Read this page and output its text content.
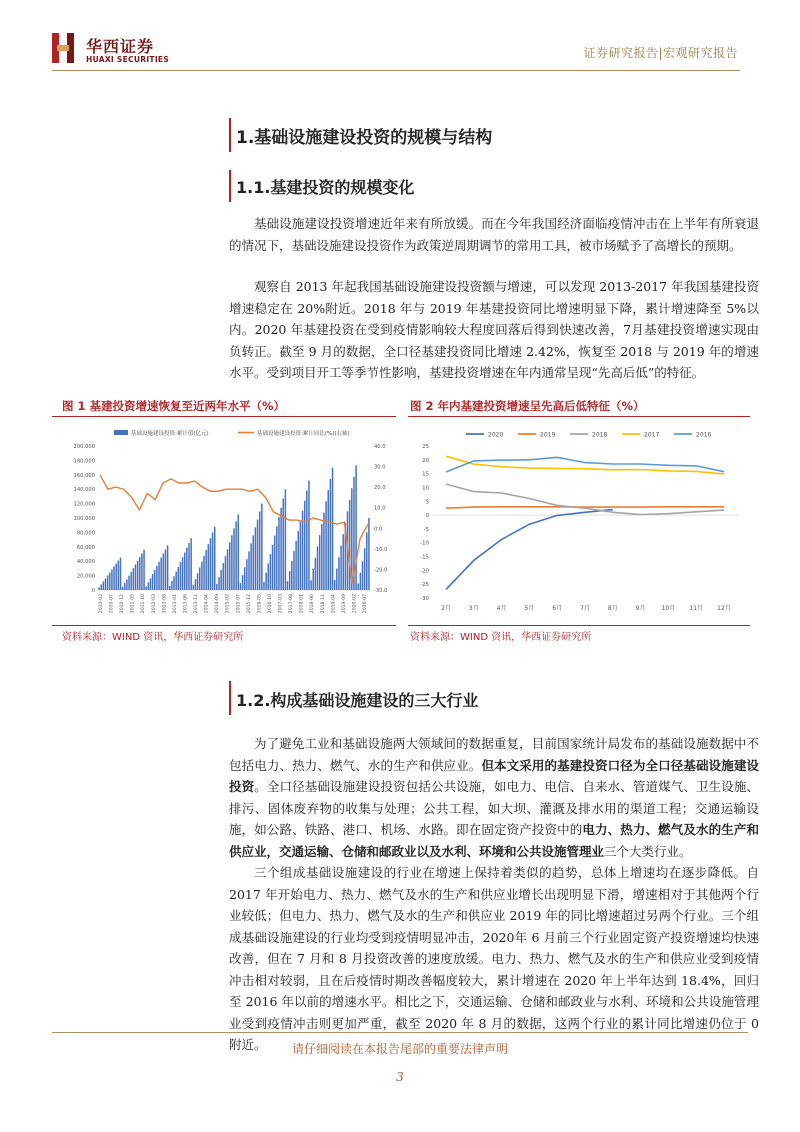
华西证券
HUAXI SECURITIES	证券研究报告|宏观研究报告
1.基础设施建设投资的规模与结构
1.1.基建投资的规模变化

基础设施建设投资增速近年来有所放缓。而在今年我国经济面临疫情冲击在上半年有所衰退的情况下，基础设施建设投资作为政策逆周期调节的常用工具，被市场赋予了高增长的预期。

观察自 2013 年起我国基础设施建设投资额与增速，可以发现 2013-2017 年我国基建投资增速稳定在 20%附近。2018 年与 2019 年基建投资同比增速明显下降，累计增速降至 5%以内。2020 年基建投资在受到疫情影响较大程度回落后得到快速改善，7月基建投资增速实现由负转正。截至 9 月的数据，全口径基建投资同比增速 2.42%，恢复至 2018 与 2019 年的增速水平。受到项目开工等季节性影响，基建投资增速在年内通常呈现“先高后低”的特征。

图 1 基建投资增速恢复至近两年水平（%）
基础设施建设投资:累计值(亿元)	基础设施建设投资:累计同比(%)(右轴)
0
20,000
40,000
60,000
80,000
100,000
120,000
140,000
160,000
180,000
200,000
-30.0
-20.0
-10.0
0.0
10.0
20.0
30.0
40.0
2010-02 2010-07 2010-12 2011-05 2011-10 2012-03 2012-08 2013-01 2013-06 2013-11 2014-04 2014-09 2015-02 2015-07 2015-12 2016-05 2016-10 2017-03 2017-08 2018-01 2018-06 2018-11 2019-04 2019-09 2020-02 2020-07
资料来源：WIND 资讯，华西证券研究所
图 2 年内基建投资增速呈先高后低特征（%）
2020	2019	2018	2017	2016
-30
-25
-20
-15
-10
-5
0
5
10
15
20
25
2月	3月	4月	5月	6月	7月	8月	9月	10月 11月 12月
资料来源：WIND 资讯，华西证券研究所
1.2.构成基础设施建设的三大行业

为了避免工业和基础设施两大领域间的数据重复，目前国家统计局发布的基础设施数据中不包括电力、热力、燃气、水的生产和供应业。但本文采用的基建投资口径为全口径基础设施建设投资。全口径基础设施建设投资包括公共设施，如电力、电信、自来水、管道煤气、卫生设施、排污、固体废弃物的收集与处理；公共工程，如大坝、灌溉及排水用的渠道工程；交通运输设施，如公路、铁路、港口、机场、水路。即在固定资产投资中的电力、热力、燃气及水的生产和供应业，交通运输、仓储和邮政业以及水利、环境和公共设施管理业三个大类行业。

三个组成基础设施建设的行业在增速上保持着类似的趋势，总体上增速均在逐步降低。自 2017 年开始电力、热力、燃气及水的生产和供应业增长出现明显下滑，增速相对于其他两个行业较低；但电力、热力、燃气及水的生产和供应业 2019 年的同比增速超过另两个行业。三个组成基础设施建设的行业均受到疫情明显冲击，2020年 6 月前三个行业固定资产投资增速均快速改善，但在 7 月和 8 月投资改善的速度放缓。电力、热力、燃气及水的生产和供应业受到疫情冲击相对较弱，且在后疫情时期改善幅度较大，累计增速在 2020 年上半年达到 18.4%，回归至 2016 年以前的增速水平。相比之下，交通运输、仓储和邮政业与水利、环境和公共设施管理业受到疫情冲击则更加严重，截至 2020 年 8 月的数据，这两个行业的累计同比增速仍位于 0 附近。	请仔细阅读在本报告尾部的重要法律声明
3
